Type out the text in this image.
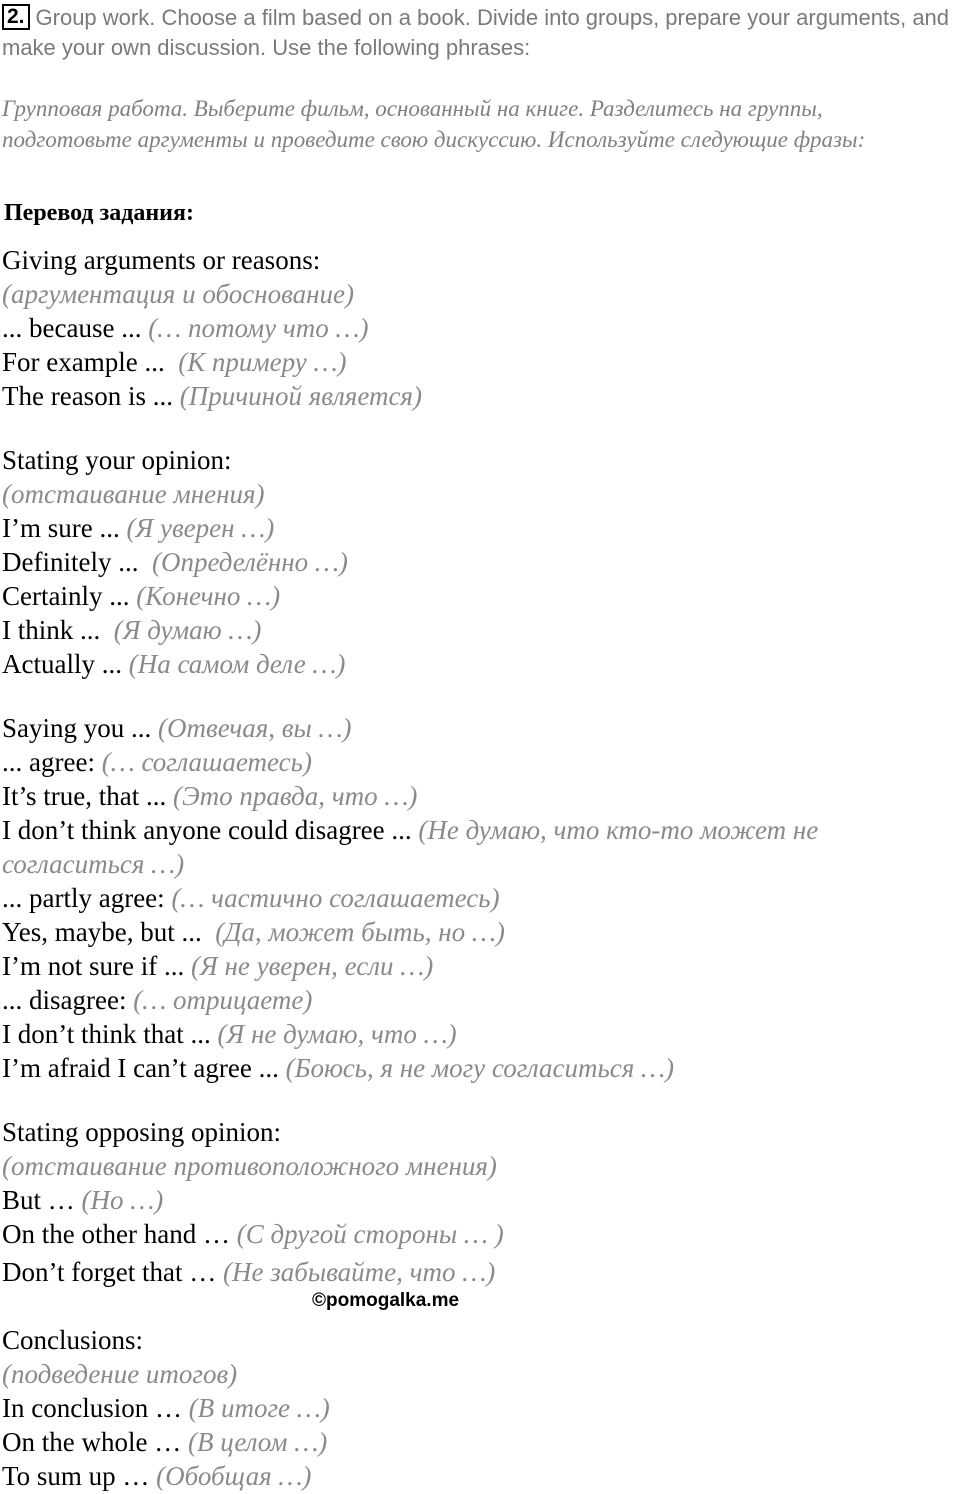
2. Group work. Choose a film based on a book. Divide into groups, prepare your arguments, and make your own discussion. Use the following phrases:
Групповая работа. Выберите фильм, основанный на книге. Разделитесь на группы, подготовьте аргументы и проведите свою дискуссию. Используйте следующие фразы:
Перевод задания:
Giving arguments or reasons:
(аргументация и обоснование)
... because ... (… потому что …)
For example ... (К примеру …)
The reason is ... (Причиной является)
Stating your opinion:
(отстаивание мнения)
I’m sure ... (Я уверен …)
Definitely ... (Определённо …)
Certainly ... (Конечно …)
I think ... (Я думаю …)
Actually ... (На самом деле …)
Saying you ... (Отвечая, вы …)
... agree: (… соглашаетесь)
It’s true, that ... (Это правда, что …)
I don’t think anyone could disagree ... (Не думаю, что кто-то может не согласиться …)
... partly agree: (… частично соглашаетесь)
Yes, maybe, but ... (Да, может быть, но …)
I’m not sure if ... (Я не уверен, если …)
... disagree: (… отрицаете)
I don’t think that ... (Я не думаю, что …)
I’m afraid I can’t agree ... (Боюсь, я не могу согласиться …)
Stating opposing opinion:
(отстаивание противоположного мнения)
But … (Но …)
On the other hand … (С другой стороны … )
Don’t forget that … (Не забывайте, что …)
©pomogalka.me
Conclusions:
(подведение итогов)
In conclusion … (В итоге …)
On the whole … (В целом …)
To sum up … (Обобщая …)
